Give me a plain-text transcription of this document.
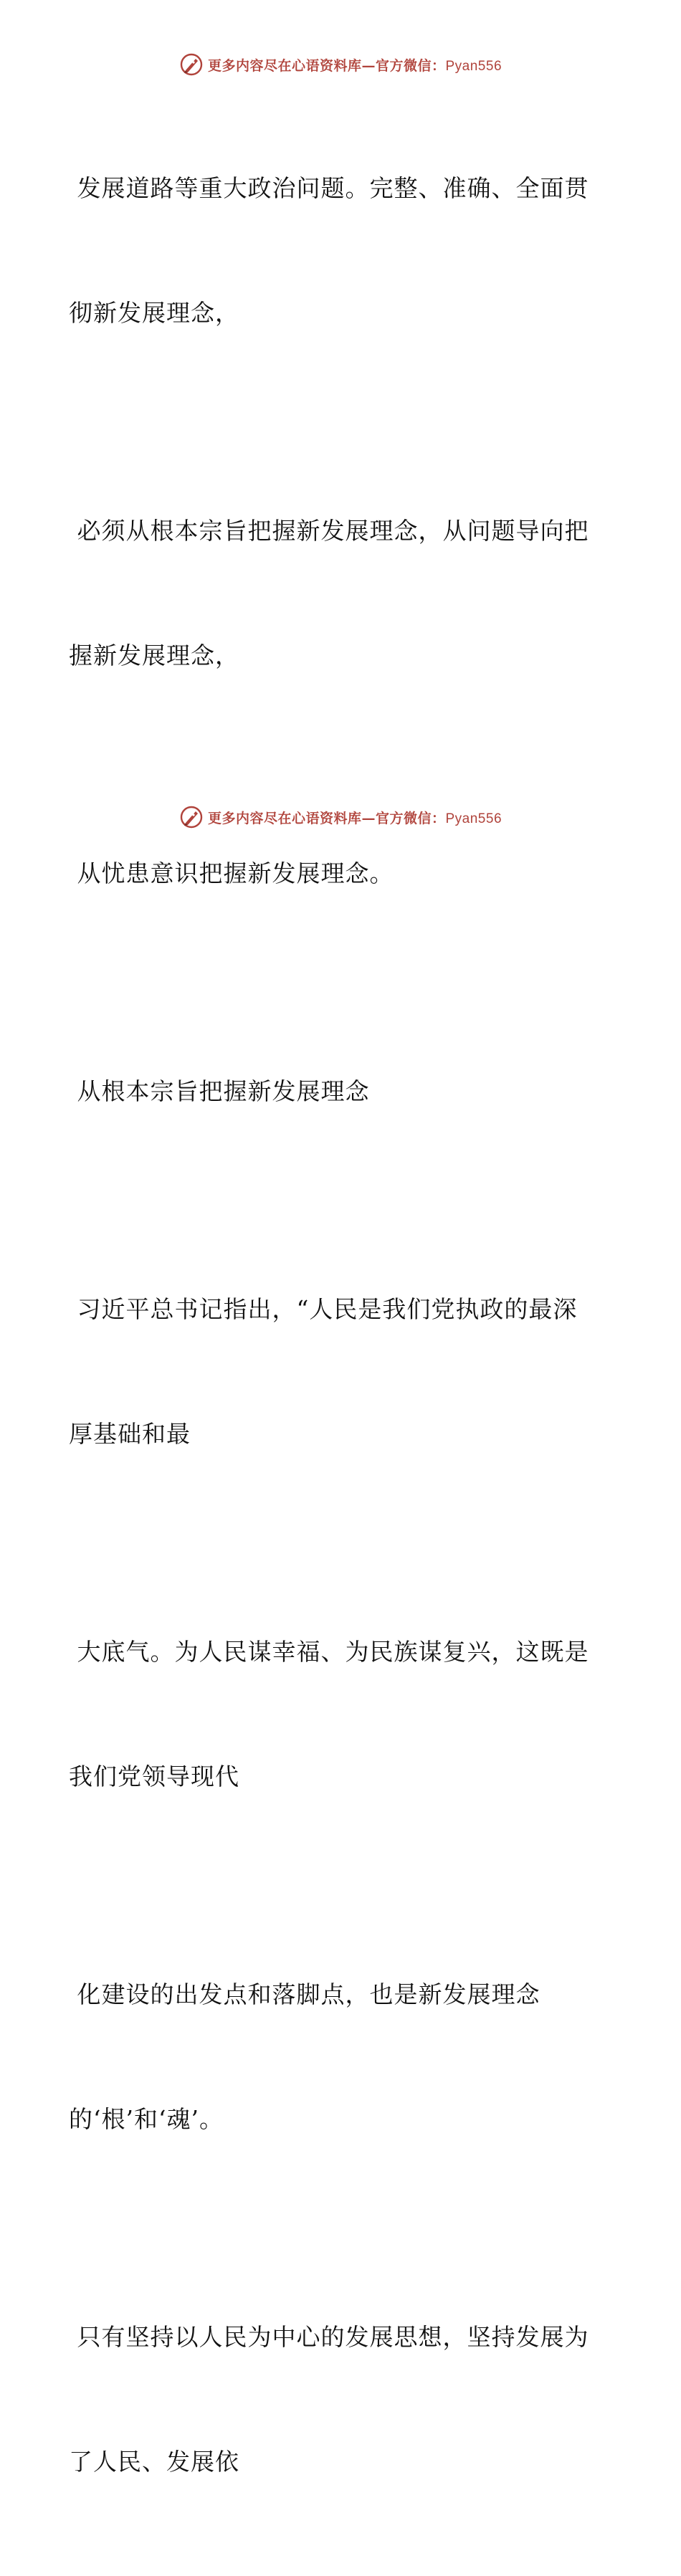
更多内容尽在心语资料库—官方微信：Pyan556

发展道路等重大政治问题。完整、准确、全面贯

彻新发展理念，

必须从根本宗旨把握新发展理念，从问题导向把

握新发展理念，

从忧患意识把握新发展理念。

从根本宗旨把握新发展理念

习近平总书记指出，“人民是我们党执政的最深

厚基础和最

大底气。为人民谋幸福、为民族谋复兴，这既是

我们党领导现代

化建设的出发点和落脚点，也是新发展理念

的‘根’和‘魂’。

只有坚持以人民为中心的发展思想，坚持发展为

了人民、发展依

更多内容尽在心语资料库—官方微信：Pyan556
